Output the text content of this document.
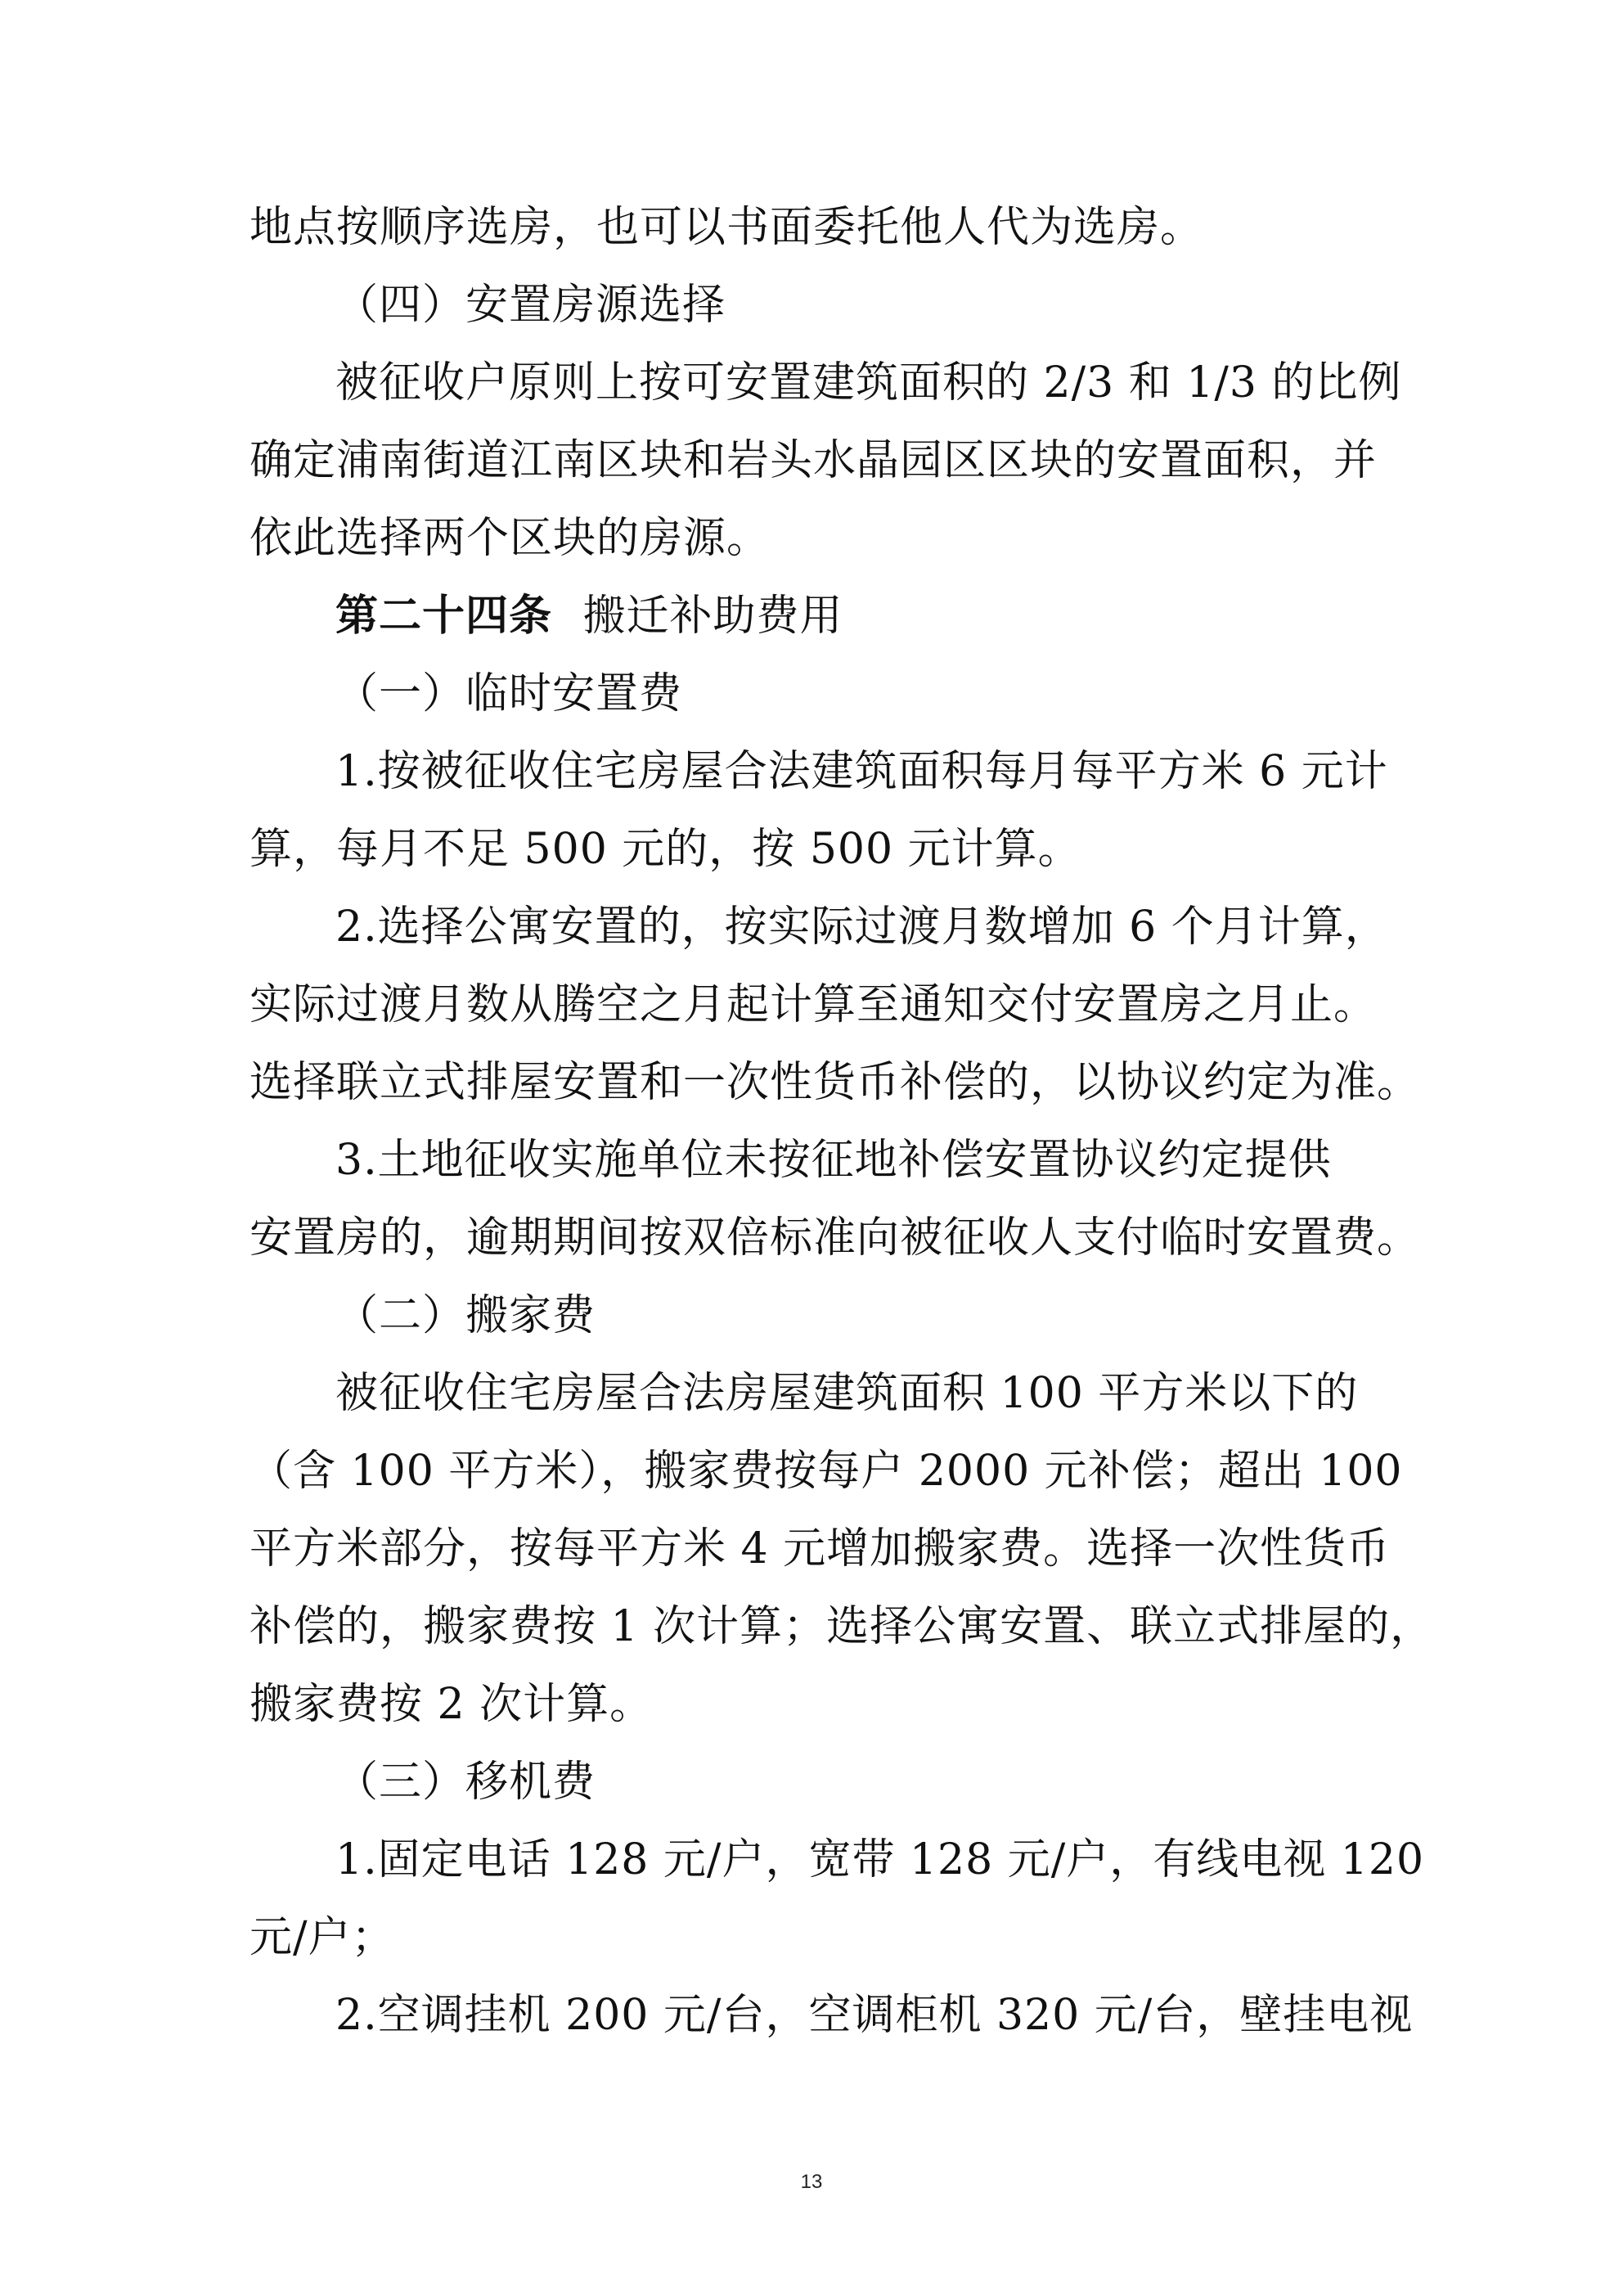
地点按顺序选房，也可以书面委托他人代为选房。
（四）安置房源选择
被征收户原则上按可安置建筑面积的 2/3 和 1/3 的比例
确定浦南街道江南区块和岩头水晶园区区块的安置面积，并
依此选择两个区块的房源。
第二十四条 搬迁补助费用
（一）临时安置费
1.按被征收住宅房屋合法建筑面积每月每平方米 6 元计
算，每月不足 500 元的，按 500 元计算。
2.选择公寓安置的，按实际过渡月数增加 6 个月计算，
实际过渡月数从腾空之月起计算至通知交付安置房之月止。
选择联立式排屋安置和一次性货币补偿的，以协议约定为准。
3.土地征收实施单位未按征地补偿安置协议约定提供
安置房的，逾期期间按双倍标准向被征收人支付临时安置费。
（二）搬家费
被征收住宅房屋合法房屋建筑面积 100 平方米以下的
（含 100 平方米），搬家费按每户 2000 元补偿；超出 100
平方米部分，按每平方米 4 元增加搬家费。选择一次性货币
补偿的，搬家费按 1 次计算；选择公寓安置、联立式排屋的，
搬家费按 2 次计算。
（三）移机费
1.固定电话 128 元/户，宽带 128 元/户，有线电视 120
元/户；
2.空调挂机 200 元/台，空调柜机 320 元/台，壁挂电视
13
